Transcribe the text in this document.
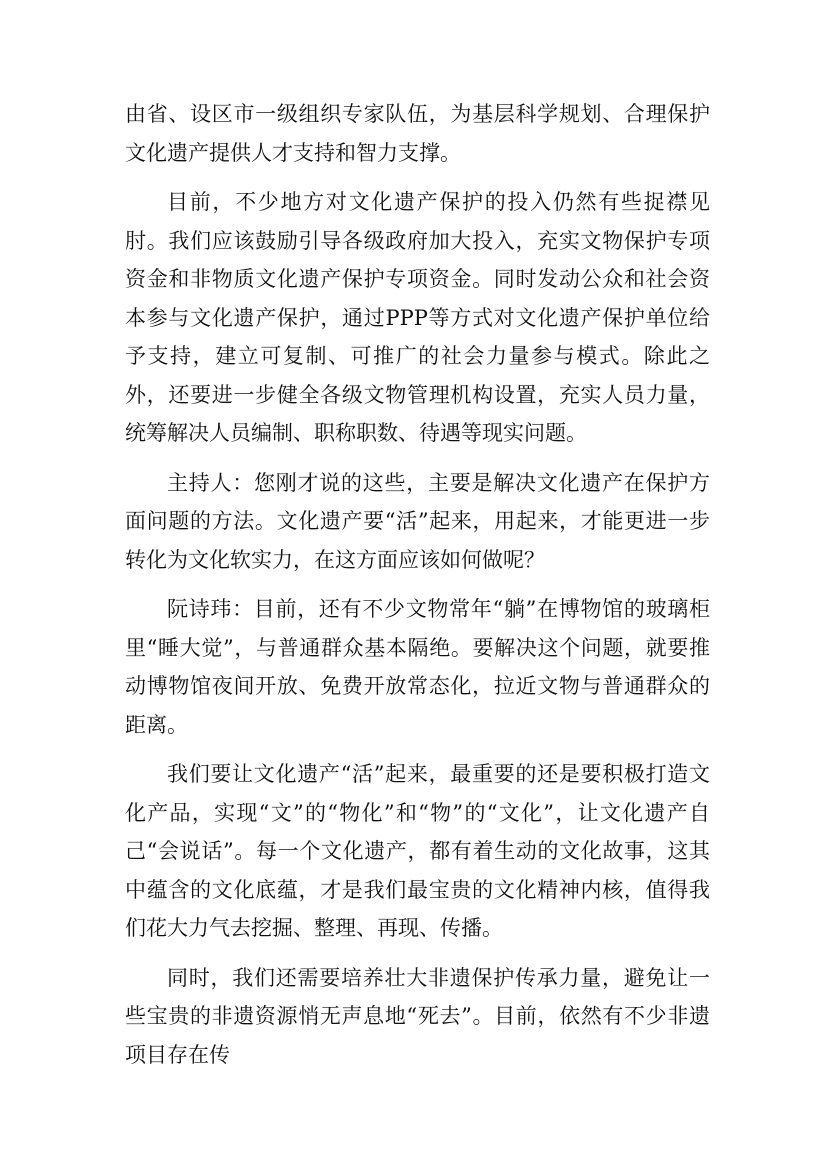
由省、设区市一级组织专家队伍，为基层科学规划、合理保护文化遗产提供人才支持和智力支撑。

目前，不少地方对文化遗产保护的投入仍然有些捉襟见肘。我们应该鼓励引导各级政府加大投入，充实文物保护专项资金和非物质文化遗产保护专项资金。同时发动公众和社会资本参与文化遗产保护，通过PPP等方式对文化遗产保护单位给予支持，建立可复制、可推广的社会力量参与模式。除此之外，还要进一步健全各级文物管理机构设置，充实人员力量，统筹解决人员编制、职称职数、待遇等现实问题。

主持人：您刚才说的这些，主要是解决文化遗产在保护方面问题的方法。文化遗产要“活”起来，用起来，才能更进一步转化为文化软实力，在这方面应该如何做呢？

阮诗玮：目前，还有不少文物常年“躺”在博物馆的玻璃柜里“睡大觉”，与普通群众基本隔绝。要解决这个问题，就要推动博物馆夜间开放、免费开放常态化，拉近文物与普通群众的距离。

我们要让文化遗产“活”起来，最重要的还是要积极打造文化产品，实现“文”的“物化”和“物”的“文化”，让文化遗产自己“会说话”。每一个文化遗产，都有着生动的文化故事，这其中蕴含的文化底蕴，才是我们最宝贵的文化精神内核，值得我们花大力气去挖掘、整理、再现、传播。

同时，我们还需要培养壮大非遗保护传承力量，避免让一些宝贵的非遗资源悄无声息地“死去”。目前，依然有不少非遗项目存在传
